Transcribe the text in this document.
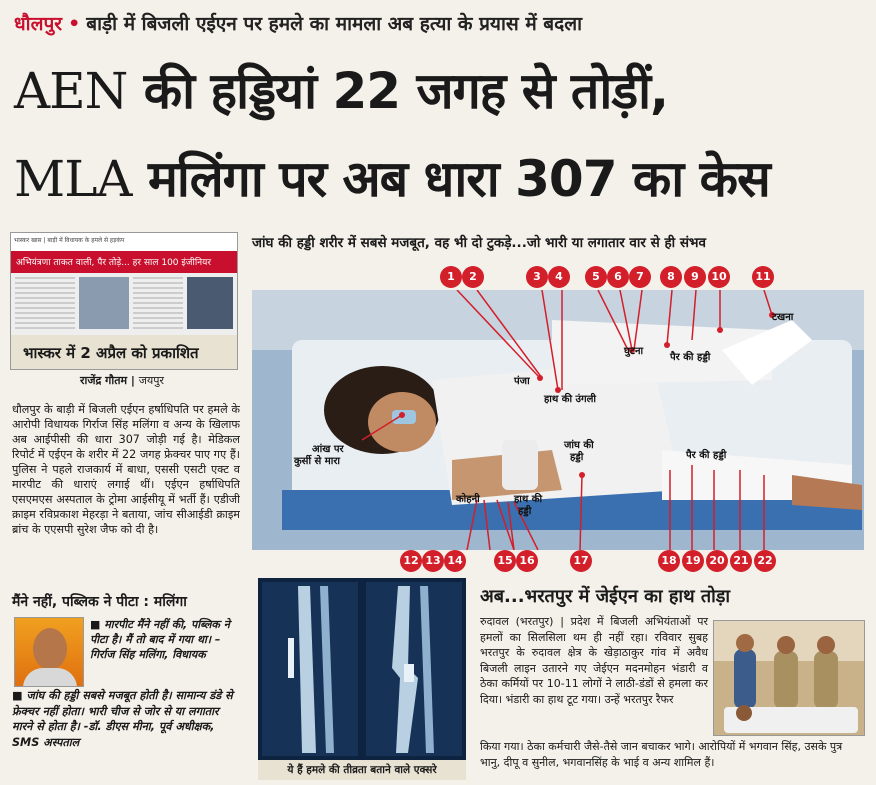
धौलपुर • बाड़ी में बिजली एईएन पर हमले का मामला अब हत्या के प्रयास में बदला
AEN की हड्डियां 22 जगह से तोड़ीं,
MLA मलिंगा पर अब धारा 307 का केस
भास्कर खास | बाड़ी में विधायक के हमले से हड़कंप
अभियंत्रणा ताकत वाली, पैर तोड़े... हर साल 100 इंजीनियर
भास्कर में 2 अप्रैल को प्रकाशित
राजेंद्र गौतम | जयपुर
धौलपुर के बाड़ी में बिजली एईएन हर्षाधिपति पर हमले के आरोपी विधायक गिर्राज सिंह मलिंगा व अन्य के खिलाफ अब आईपीसी की धारा 307 जोड़ी गई है। मेडिकल रिपोर्ट में एईएन के शरीर में 22 जगह फ्रेक्चर पाए गए हैं। पुलिस ने पहले राजकार्य में बाधा, एससी एसटी एक्ट व मारपीट की धाराएं लगाई थीं। एईएन हर्षाधिपति एसएमएस अस्पताल के ट्रोमा आईसीयू में भर्ती हैं। एडीजी क्राइम रविप्रकाश मेहरड़ा ने बताया, जांच सीआईडी क्राइम ब्रांच के एएसपी सुरेश जैफ को दी है।
मैंने नहीं, पब्लिक ने पीटा : मलिंगा
■ मारपीट मैंने नहीं की, पब्लिक ने पीटा है। मैं तो बाद में गया था। – गिर्राज सिंह मलिंगा, विधायक
■ जांघ की हड्डी सबसे मजबूत होती है। सामान्य डंडे से फ्रेक्चर नहीं होता। भारी चीज से जोर से या लगातार मारने से होता है। -डॉ. डीएस मीना, पूर्व अधीक्षक, SMS अस्पताल
जांघ की हड्डी शरीर में सबसे मजबूत, वह भी दो टुकड़े...जो भारी या लगातार वार से ही संभव
1	2	3	4	5	6	7	8	9	10	11
टखना
घुटना
पैर की हड्डी
पंजा
हाथ की उंगली
आंख पर
कुर्सी से मारा
जांघ की
हड्डी	पैर की हड्डी
कोहनी	हाथ की
हड्डी
12 13 14	15 16	17	18 19 20 21 22
ये हैं हमले की तीव्रता बताने वाले एक्सरे
अब...भरतपुर में जेईएन का हाथ तोड़ा
रुदावल (भरतपुर) | प्रदेश में बिजली अभियंताओं पर हमलों का सिलसिला थम ही नहीं रहा। रविवार सुबह भरतपुर के रुदावल क्षेत्र के खेड़ाठाकुर गांव में अवैध बिजली लाइन उतारने गए जेईएन मदनमोहन भंडारी व ठेका कर्मियों पर 10-11 लोगों ने लाठी-डंडों से हमला कर दिया। भंडारी का हाथ टूट गया। उन्हें भरतपुर रैफर
किया गया। ठेका कर्मचारी जैसे-तैसे जान बचाकर भागे। आरोपियों में भगवान सिंह, उसके पुत्र भानु, दीपू व सुनील, भगवानसिंह के भाई व अन्य शामिल हैं।
